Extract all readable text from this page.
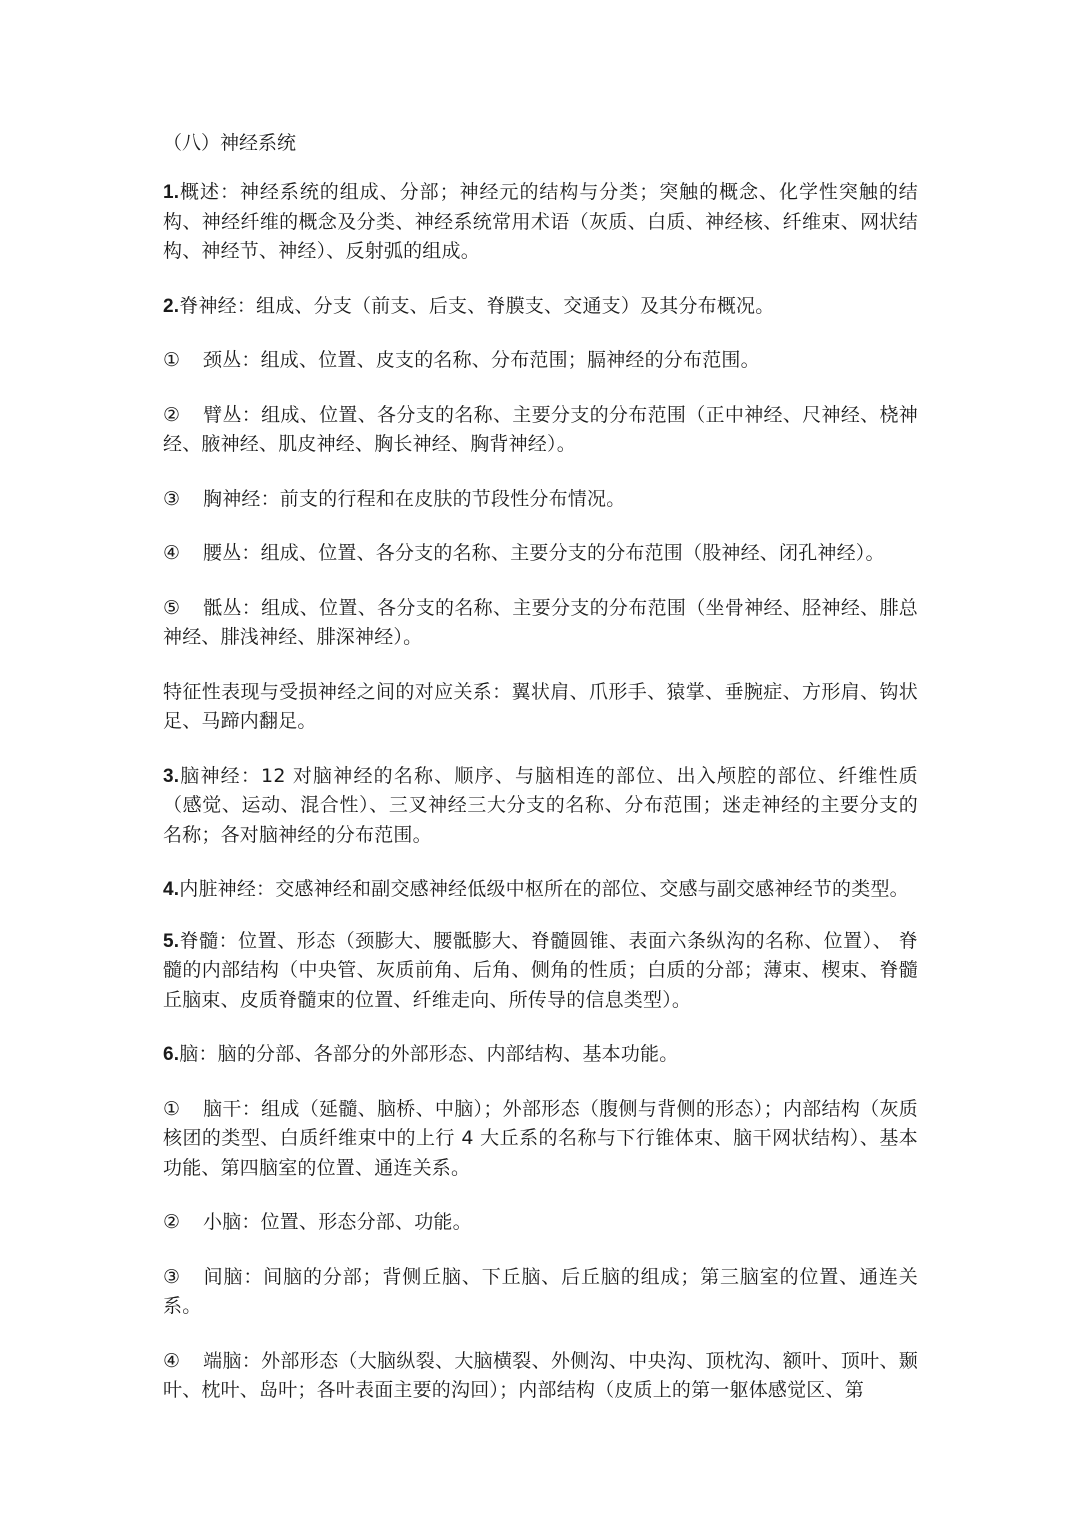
（八）神经系统

1.概述：神经系统的组成、分部；神经元的结构与分类；突触的概念、化学性突触的结构、神经纤维的概念及分类、神经系统常用术语（灰质、白质、神经核、纤维束、网状结构、神经节、神经）、反射弧的组成。

2.脊神经：组成、分支（前支、后支、脊膜支、交通支）及其分布概况。

① 颈丛：组成、位置、皮支的名称、分布范围；膈神经的分布范围。

② 臂丛：组成、位置、各分支的名称、主要分支的分布范围（正中神经、尺神经、桡神经、腋神经、肌皮神经、胸长神经、胸背神经）。

③ 胸神经：前支的行程和在皮肤的节段性分布情况。

④ 腰丛：组成、位置、各分支的名称、主要分支的分布范围（股神经、闭孔神经）。

⑤ 骶丛：组成、位置、各分支的名称、主要分支的分布范围（坐骨神经、胫神经、腓总神经、腓浅神经、腓深神经）。

特征性表现与受损神经之间的对应关系：翼状肩、爪形手、猿掌、垂腕症、方形肩、钩状足、马蹄内翻足。

3.脑神经：12 对脑神经的名称、顺序、与脑相连的部位、出入颅腔的部位、纤维性质（感觉、运动、混合性）、三叉神经三大分支的名称、分布范围；迷走神经的主要分支的名称；各对脑神经的分布范围。

4.内脏神经：交感神经和副交感神经低级中枢所在的部位、交感与副交感神经节的类型。

5.脊髓：位置、形态（颈膨大、腰骶膨大、脊髓圆锥、表面六条纵沟的名称、位置）、 脊髓的内部结构（中央管、灰质前角、后角、侧角的性质；白质的分部；薄束、楔束、脊髓丘脑束、皮质脊髓束的位置、纤维走向、所传导的信息类型）。

6.脑：脑的分部、各部分的外部形态、内部结构、基本功能。

① 脑干：组成（延髓、脑桥、中脑）；外部形态（腹侧与背侧的形态）；内部结构（灰质核团的类型、白质纤维束中的上行 4 大丘系的名称与下行锥体束、脑干网状结构）、基本功能、第四脑室的位置、通连关系。

② 小脑：位置、形态分部、功能。

③ 间脑：间脑的分部；背侧丘脑、下丘脑、后丘脑的组成；第三脑室的位置、通连关系。

④ 端脑：外部形态（大脑纵裂、大脑横裂、外侧沟、中央沟、顶枕沟、额叶、顶叶、颞叶、枕叶、岛叶；各叶表面主要的沟回）；内部结构（皮质上的第一躯体感觉区、第
